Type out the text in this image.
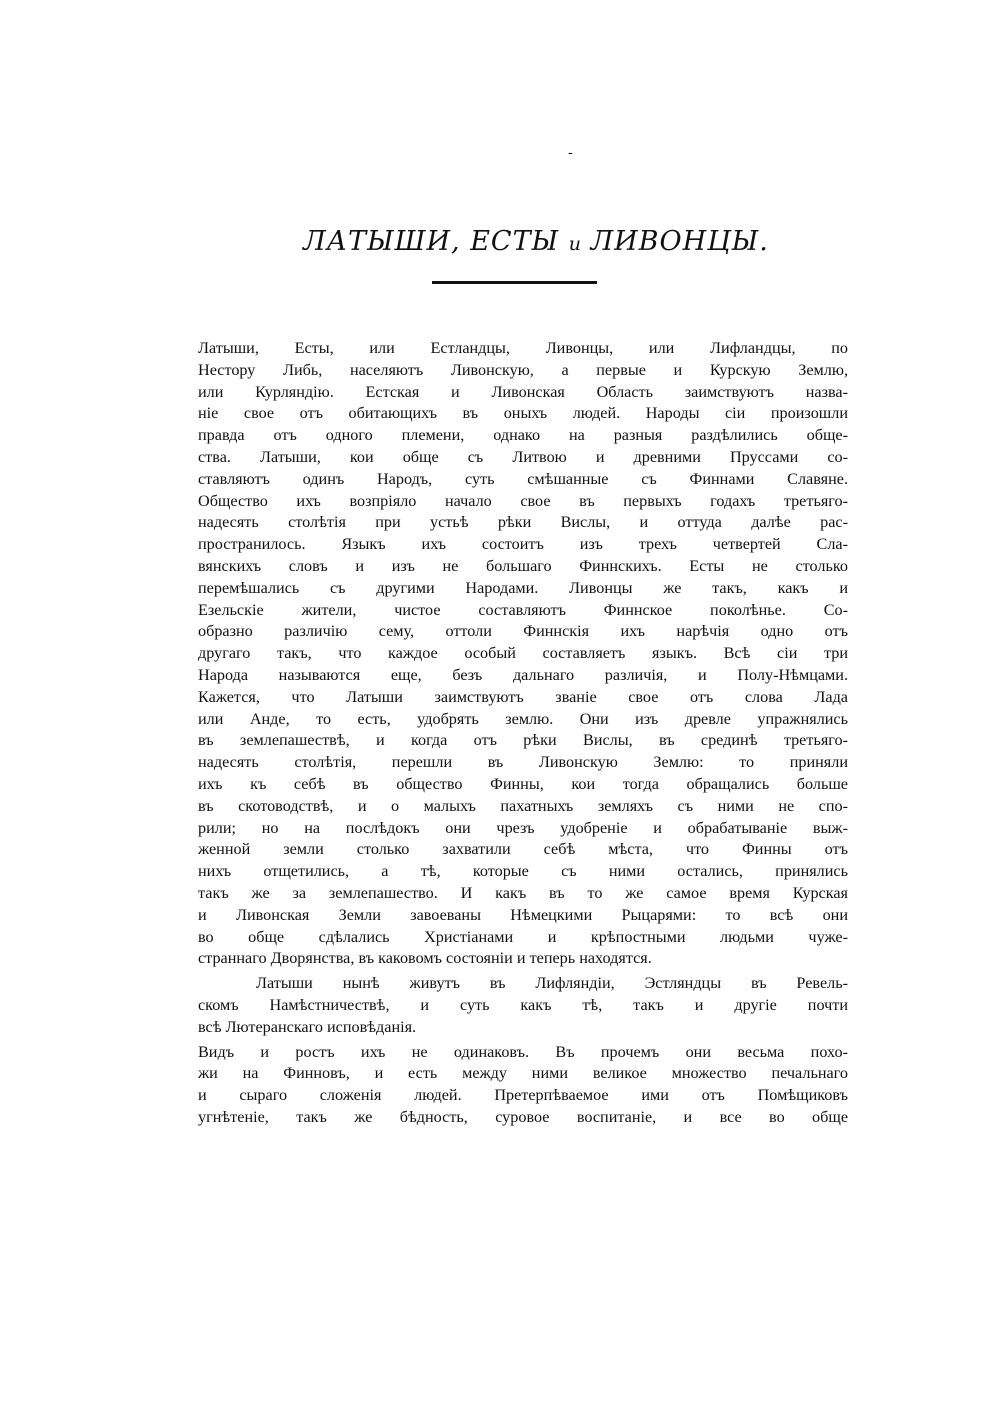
-
ЛАТЫШИ, ЕСТЫ и ЛИВОНЦЫ.
Латыши, Есты, или Естландцы, Ливонцы, или Лифландцы, по
Нестору Либь, населяютъ Ливонскую, а первые и Курскую Землю,
или Курляндію. Естская и Ливонская Область заимствуютъ назва-
ніе свое отъ обитающихъ въ оныхъ людей. Народы сіи произошли
правда отъ одного племени, однако на разныя раздѣлились обще-
ства. Латыши, кои обще съ Литвою и древними Пруссами со-
ставляютъ одинъ Народъ, суть смѣшанные съ Финнами Славяне.
Общество ихъ возпріяло начало свое въ первыхъ годахъ третьяго-
надесять столѣтія при устьѣ рѣки Вислы, и оттуда далѣе рас-
пространилось. Языкъ ихъ состоитъ изъ трехъ четвертей Сла-
вянскихъ словъ и изъ не большаго Финнскихъ. Есты не столько
перемѣшались съ другими Народами. Ливонцы же такъ, какъ и
Езельскіе жители, чистое составляютъ Финнское поколѣнье. Со-
образно различію сему, оттоли Финнскія ихъ нарѣчія одно отъ
другаго такъ, что каждое особый составляетъ языкъ. Всѣ сіи три
Народа называются еще, безъ дальнаго различія, и Полу-Нѣмцами.
Кажется, что Латыши заимствуютъ званіе свое отъ слова Лада
или Анде, то есть, удобрять землю. Они изъ древле упражнялись
въ землепашествѣ, и когда отъ рѣки Вислы, въ срединѣ третьяго-
надесять столѣтія, перешли въ Ливонскую Землю: то приняли
ихъ къ себѣ въ общество Финны, кои тогда обращались больше
въ скотоводствѣ, и о малыхъ пахатныхъ земляхъ съ ними не спо-
рили; но на послѣдокъ они чрезъ удобреніе и обрабатываніе выж-
женной земли столько захватили себѣ мѣста, что Финны отъ
нихъ отщетились, а тѣ, которые съ ними остались, принялись
такъ же за землепашество. И какъ въ то же самое время Курская
и Ливонская Земли завоеваны Нѣмецкими Рыцарями: то всѣ они
во обще сдѣлались Христіанами и крѣпостными людьми чуже-
страннаго Дворянства, въ каковомъ состояніи и теперь находятся.
Латыши нынѣ живутъ въ Лифляндіи, Эстляндцы въ Ревель-
скомъ Намѣстничествѣ, и суть какъ тѣ, такъ и другіе почти
всѣ Лютеранскаго исповѣданія.
Видъ и ростъ ихъ не одинаковъ. Въ прочемъ они весьма похо-
жи на Финновъ, и есть между ними великое множество печальнаго
и сыраго сложенія людей. Претерпѣваемое ими отъ Помѣщиковъ
угнѣтеніе, такъ же бѣдность, суровое воспитаніе, и все во обще
